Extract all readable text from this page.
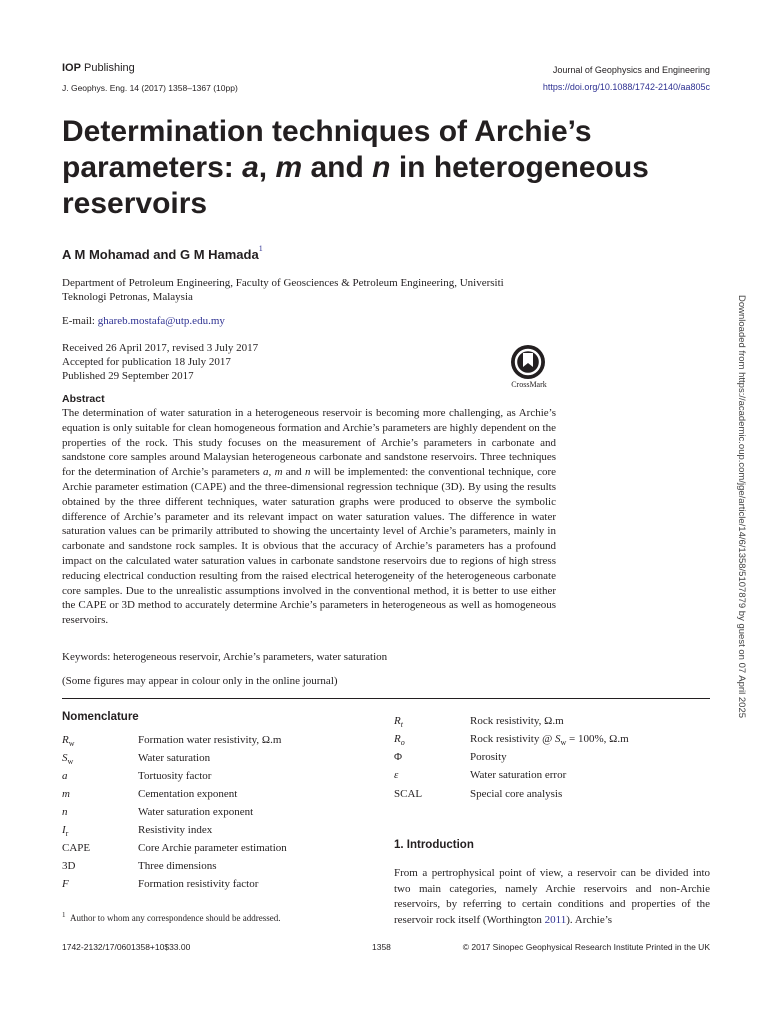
IOP Publishing	Journal of Geophysics and Engineering
J. Geophys. Eng. 14 (2017) 1358–1367 (10pp)	https://doi.org/10.1088/1742-2140/aa805c
Determination techniques of Archie’s
parameters: a, m and n in heterogeneous
reservoirs
A M Mohamad and G M Hamada$^1$
Department of Petroleum Engineering, Faculty of Geosciences & Petroleum Engineering, Universiti Teknologi Petronas, Malaysia
E-mail: ghareb.mostafa@utp.edu.my
Received 26 April 2017, revised 3 July 2017
Accepted for publication 18 July 2017
Published 29 September 2017
CrossMark
Abstract
The determination of water saturation in a heterogeneous reservoir is becoming more challenging, as Archie’s equation is only suitable for clean homogeneous formation and Archie’s parameters are highly dependent on the properties of the rock. This study focuses on the measurement of Archie’s parameters in carbonate and sandstone core samples around Malaysian heterogeneous carbonate and sandstone reservoirs. Three techniques for the determination of Archie’s parameters a, m and n will be implemented: the conventional technique, core Archie parameter estimation (CAPE) and the three-dimensional regression technique (3D). By using the results obtained by the three different techniques, water saturation graphs were produced to observe the symbolic difference of Archie’s parameter and its relevant impact on water saturation values. The difference in water saturation values can be primarily attributed to showing the uncertainty level of Archie’s parameters, mainly in carbonate and sandstone rock samples. It is obvious that the accuracy of Archie’s parameters has a profound impact on the calculated water saturation values in carbonate sandstone reservoirs due to regions of high stress reducing electrical conduction resulting from the raised electrical heterogeneity of the heterogeneous carbonate core samples. Due to the unrealistic assumptions involved in the conventional method, it is better to use either the CAPE or 3D method to accurately determine Archie’s parameters in heterogeneous as well as homogeneous reservoirs.
Keywords: heterogeneous reservoir, Archie’s parameters, water saturation
(Some figures may appear in colour only in the online journal)	Downloaded from https://academic.oup.com/jge/article/14/6/1358/5107879 by guest on 07 April 2025
Nomenclature
$R_w$	Formation water resistivity, Ω.m
$S_w$	Water saturation
a	Tortuosity factor
m	Cementation exponent
n	Water saturation exponent
$I_r$	Resistivity index
CAPE	Core Archie parameter estimation
3D	Three dimensions
F	Formation resistivity factor
$R_t$	Rock resistivity, Ω.m
$R_o$	Rock resistivity @ $S_w = 100\%$, Ω.m
Φ	Porosity
ε	Water saturation error
SCAL	Special core analysis
1. Introduction
From a pertrophysical point of view, a reservoir can be divided into two main categories, namely Archie reservoirs and non-Archie reservoirs, by referring to certain conditions and properties of the reservoir rock itself (Worthington 2011). Archie’s
$^1$ Author to whom any correspondence should be addressed.
1742-2132/17/0601358+10$33.00	1358	© 2017 Sinopec Geophysical Research Institute Printed in the UK
